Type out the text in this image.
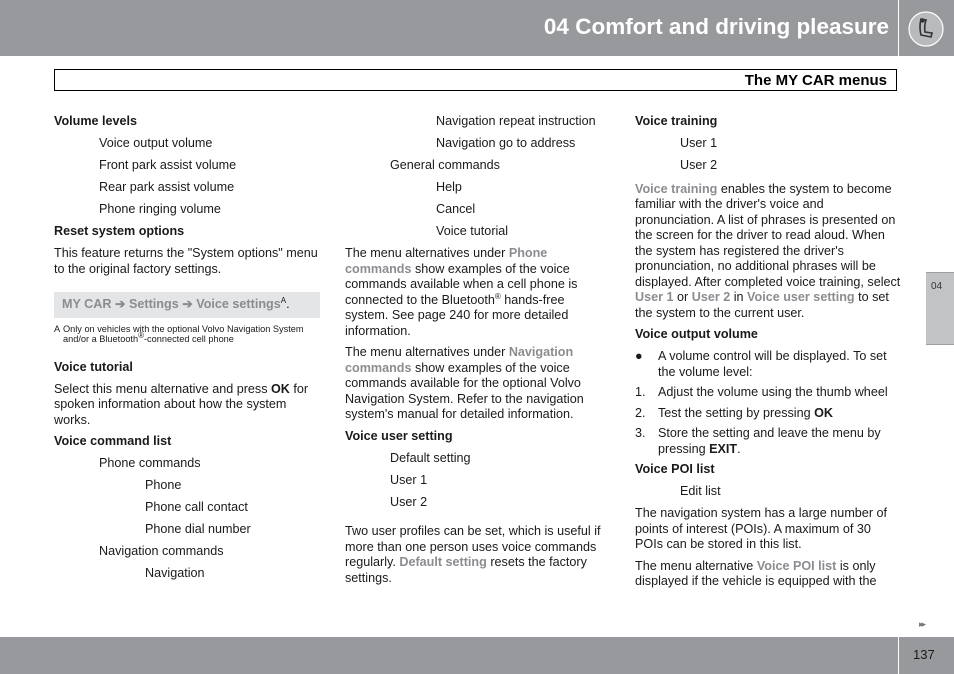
04 Comfort and driving pleasure
The MY CAR menus
04
Volume levels
Voice output volume
Front park assist volume
Rear park assist volume
Phone ringing volume
Reset system options

This feature returns the "System options" menu to the original factory settings.

MY CAR ➔ Settings ➔ Voice settings$^A$.
A Only on vehicles with the optional Volvo Navigation System and/or a Bluetooth®-connected cell phone
Voice tutorial

Select this menu alternative and press OK for spoken information about how the system works.

Voice command list
Phone commands
Phone
Phone call contact
Phone dial number
Navigation commands
Navigation
Navigation repeat instruction
Navigation go to address
General commands
Help
Cancel
Voice tutorial

The menu alternatives under Phone commands show examples of the voice commands available when a cell phone is connected to the Bluetooth® hands-free system. See page 240 for more detailed information.

The menu alternatives under Navigation commands show examples of the voice commands available for the optional Volvo Navigation System. Refer to the navigation system's manual for detailed information.

Voice user setting
Default setting
User 1
User 2

Two user profiles can be set, which is useful if more than one person uses voice commands regularly. Default setting resets the factory settings.

Voice training
User 1
User 2

Voice training enables the system to become familiar with the driver's voice and pronunciation. A list of phrases is presented on the screen for the driver to read aloud. When the system has registered the driver's pronunciation, no additional phrases will be displayed. After completed voice training, select User 1 or User 2 in Voice user setting to set the system to the current user.

Voice output volume
●	A volume control will be displayed. To set the volume level:
1. Adjust the volume using the thumb wheel
2. Test the setting by pressing OK
3. Store the setting and leave the menu by pressing EXIT.
Voice POI list
Edit list

The navigation system has a large number of points of interest (POIs). A maximum of 30 POIs can be stored in this list.

The menu alternative Voice POI list is only displayed if the vehicle is equipped with the

▸▸
137
